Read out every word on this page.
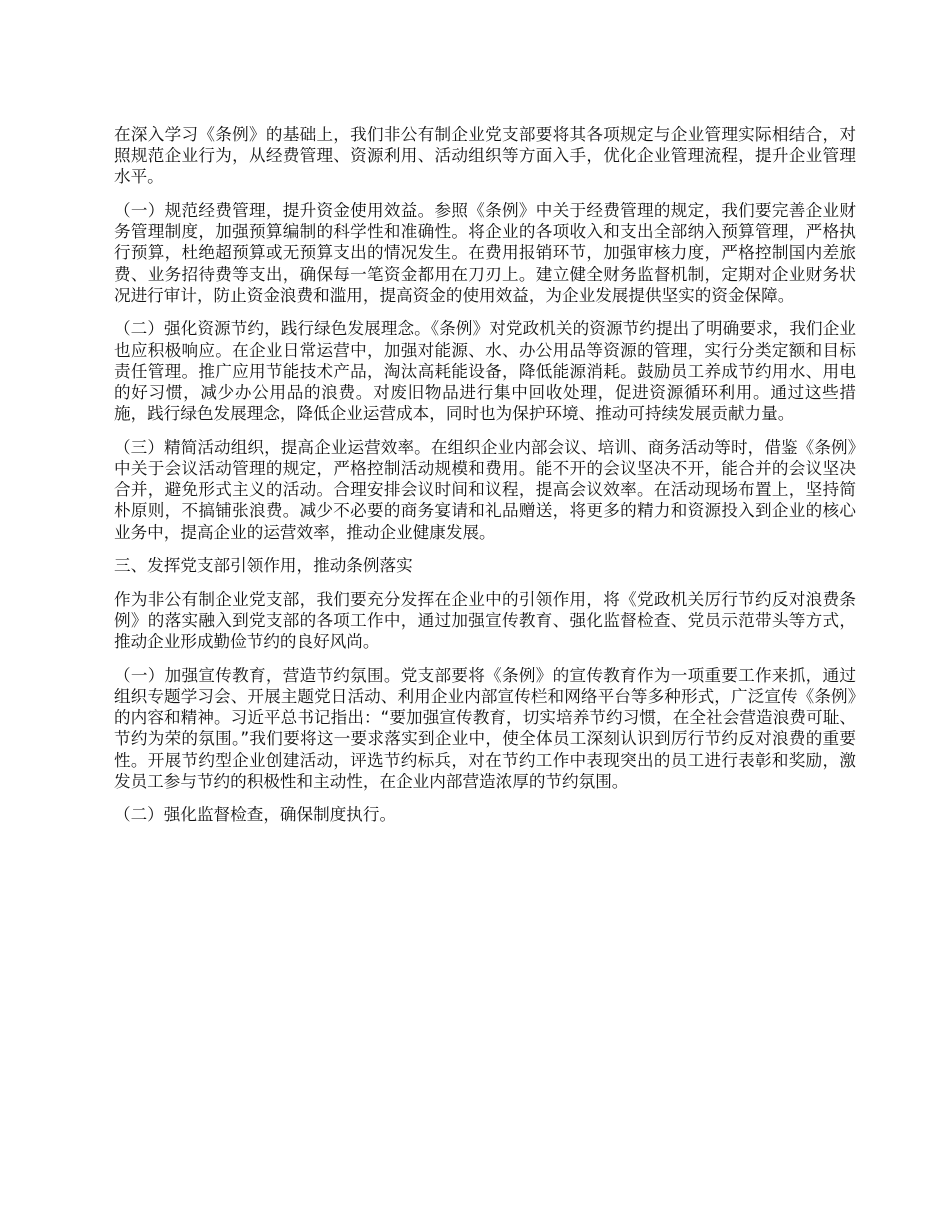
在深入学习《条例》的基础上，我们非公有制企业党支部要将其各项规定与企业管理实际相结合，对照规范企业行为，从经费管理、资源利用、活动组织等方面入手，优化企业管理流程，提升企业管理水平。

（一）规范经费管理，提升资金使用效益。参照《条例》中关于经费管理的规定，我们要完善企业财务管理制度，加强预算编制的科学性和准确性。将企业的各项收入和支出全部纳入预算管理，严格执行预算，杜绝超预算或无预算支出的情况发生。在费用报销环节，加强审核力度，严格控制国内差旅费、业务招待费等支出，确保每一笔资金都用在刀刃上。建立健全财务监督机制，定期对企业财务状况进行审计，防止资金浪费和滥用，提高资金的使用效益，为企业发展提供坚实的资金保障。

（二）强化资源节约，践行绿色发展理念。《条例》对党政机关的资源节约提出了明确要求，我们企业也应积极响应。在企业日常运营中，加强对能源、水、办公用品等资源的管理，实行分类定额和目标责任管理。推广应用节能技术产品，淘汰高耗能设备，降低能源消耗。鼓励员工养成节约用水、用电的好习惯，减少办公用品的浪费。对废旧物品进行集中回收处理，促进资源循环利用。通过这些措施，践行绿色发展理念，降低企业运营成本，同时也为保护环境、推动可持续发展贡献力量。

（三）精简活动组织，提高企业运营效率。在组织企业内部会议、培训、商务活动等时，借鉴《条例》中关于会议活动管理的规定，严格控制活动规模和费用。能不开的会议坚决不开，能合并的会议坚决合并，避免形式主义的活动。合理安排会议时间和议程，提高会议效率。在活动现场布置上，坚持简朴原则，不搞铺张浪费。减少不必要的商务宴请和礼品赠送，将更多的精力和资源投入到企业的核心业务中，提高企业的运营效率，推动企业健康发展。

三、发挥党支部引领作用，推动条例落实

作为非公有制企业党支部，我们要充分发挥在企业中的引领作用，将《党政机关厉行节约反对浪费条例》的落实融入到党支部的各项工作中，通过加强宣传教育、强化监督检查、党员示范带头等方式，推动企业形成勤俭节约的良好风尚。

（一）加强宣传教育，营造节约氛围。党支部要将《条例》的宣传教育作为一项重要工作来抓，通过组织专题学习会、开展主题党日活动、利用企业内部宣传栏和网络平台等多种形式，广泛宣传《条例》的内容和精神。习近平总书记指出：“要加强宣传教育，切实培养节约习惯，在全社会营造浪费可耻、节约为荣的氛围。”我们要将这一要求落实到企业中，使全体员工深刻认识到厉行节约反对浪费的重要性。开展节约型企业创建活动，评选节约标兵，对在节约工作中表现突出的员工进行表彰和奖励，激发员工参与节约的积极性和主动性，在企业内部营造浓厚的节约氛围。

（二）强化监督检查，确保制度执行。
